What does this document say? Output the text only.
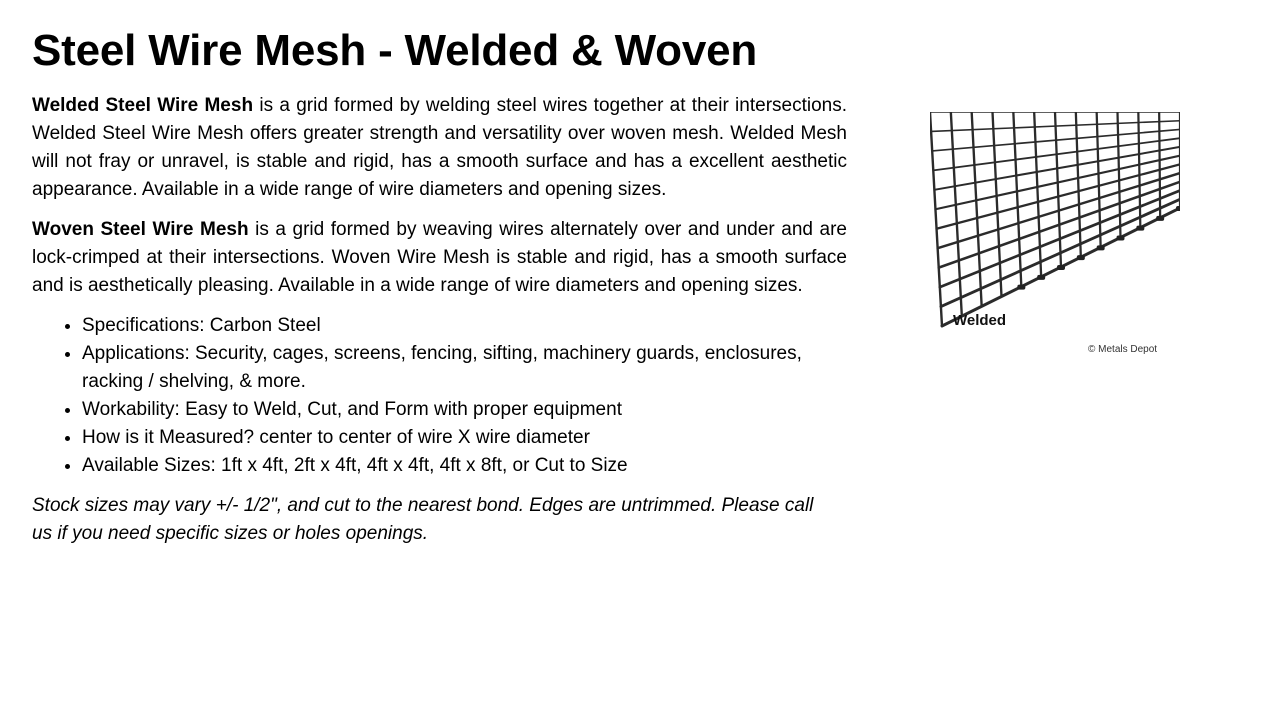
Steel Wire Mesh - Welded & Woven

Welded Steel Wire Mesh is a grid formed by welding steel wires together at their intersections. Welded Steel Wire Mesh offers greater strength and versatility over woven mesh. Welded Mesh will not fray or unravel, is stable and rigid, has a smooth surface and has a excellent aesthetic appearance. Available in a wide range of wire diameters and opening sizes.

Woven Steel Wire Mesh is a grid formed by weaving wires alternately over and under and are lock-crimped at their intersections. Woven Wire Mesh is stable and rigid, has a smooth surface and is aesthetically pleasing. Available in a wide range of wire diameters and opening sizes.

• Specifications: Carbon Steel
• Applications: Security, cages, screens, fencing, sifting, machinery guards, enclosures, racking / shelving, & more.
• Workability: Easy to Weld, Cut, and Form with proper equipment
• How is it Measured? center to center of wire X wire diameter
• Available Sizes: 1ft x 4ft, 2ft x 4ft, 4ft x 4ft, 4ft x 8ft, or Cut to Size

Stock sizes may vary +/- 1/2", and cut to the nearest bond. Edges are untrimmed. Please call us if you need specific sizes or holes openings.

Welded
© Metals Depot
